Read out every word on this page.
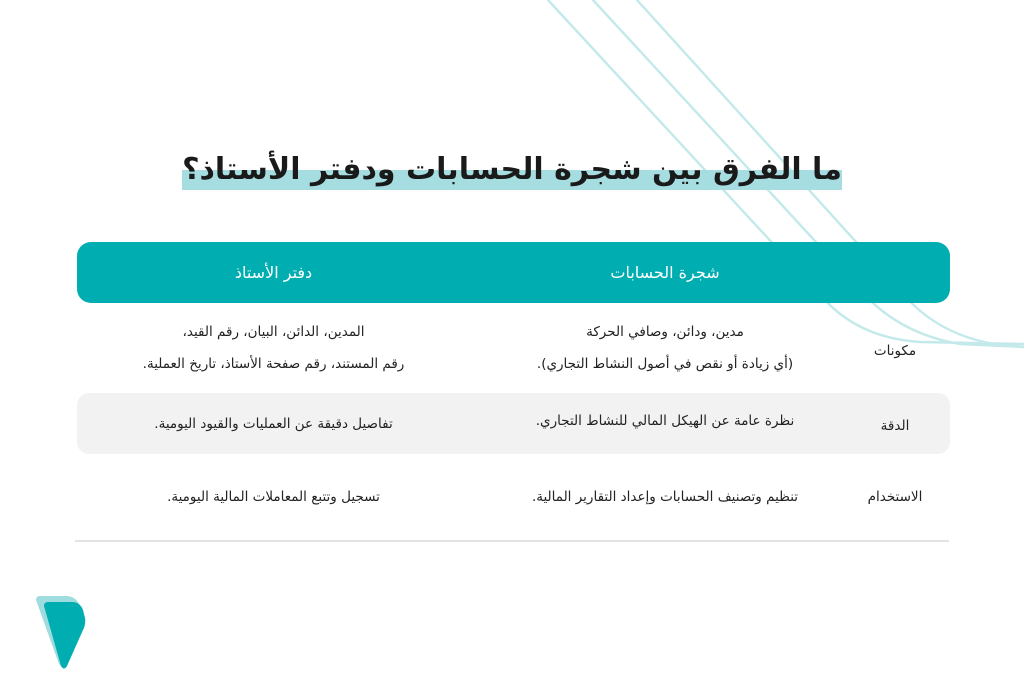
ما الفرق بين شجرة الحسابات ودفتر الأستاذ؟
شجرة الحسابات
دفتر الأستاذ
مكونات
مدين، ودائن، وصافي الحركة
(أي زيادة أو نقص في أصول النشاط التجاري).
المدين، الدائن، البيان، رقم القيد،
رقم المستند، رقم صفحة الأستاذ، تاريخ العملية.
الدقة
نظرة عامة عن الهيكل المالي للنشاط التجاري.
تفاصيل دقيقة عن العمليات والقيود اليومية.
الاستخدام
تنظيم وتصنيف الحسابات وإعداد التقارير المالية.
تسجيل وتتبع المعاملات المالية اليومية.
